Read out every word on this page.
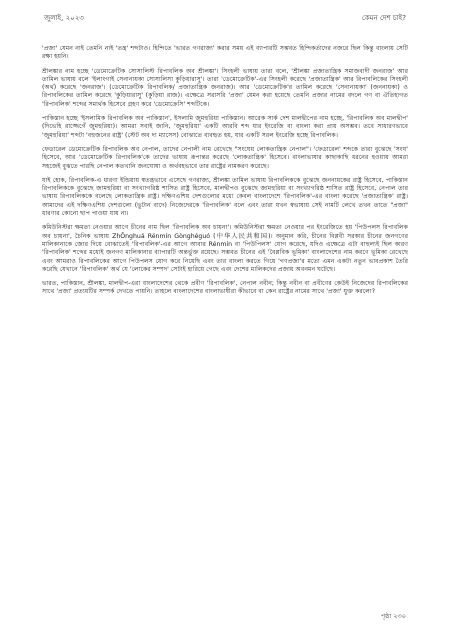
জুলাই, ২০২৩	কেমন দেশ চাই?

'প্রজা' যেমন নাই তেমনি নাই 'তন্ত্র' শব্দটাও। হিন্দিতে 'ভারত গণরাজ্য' করার সময় এই ব্যাপারটি সম্ভবত হিন্দিকর্তাদের নজরে ছিল কিন্তু বাংলায় সেটি রক্ষা হয়নি।

শ্রীলঙ্কার নাম হচ্ছে 'ডেমোক্রেটিক সোসালিস্ট রিপাবলিক অব শ্রীলঙ্কা'। সিংহলী ভাষায় তারা বলে, 'শ্রীলঙ্কা প্রজাতান্ত্রিক সমাজবাদী জনরাজ' আর তামিল ভাষায় বলে 'ইলাংগাই সেনানায়কা সোসালিসা কুড়িয়ারাসু'। তারা 'ডেমোক্রেটিক'-এর সিংহলী করেছে 'প্রজাতান্ত্রিক' আর রিপাবলিকের সিংহলী (অর্থ) করেছে 'জনরাজ'। (ডেমোক্রেটিক রিপাবলিক/ প্রজাতান্ত্রিক জনরাজ)। আর 'ডেমোক্রেটিক'র তামিল করেছে 'সেনানায়কা' (জননায়কা) ও রিপাবলিকের তামিল করেছে 'কুড়িয়ারাসু' (কুড়িয়া রাজ)। এক্ষেত্রে সরাসরি 'প্রজা' যেমন করা হয়েছে তেমনি প্রজার নামের বদলে গণ বা ঐতিহ্যগত 'রিপাবলিক' শব্দের সমার্থক হিসেবে গ্রহণ করে 'ডেমোক্রেসি' শব্দটিকে।

পাকিস্তান হচ্ছে 'ইসলামিক রিপাবলিক অব পাকিস্তান', ইসলামি জুমহুরিয়া পাকিস্তান। আরেক সার্ক দেশ মালদ্বীপের নাম হচ্ছে, 'রিপাবলিক অব মালদ্বীপ' (দিভেহি রাজ্জেগেঁ জুমহুরিয়া)। আমরা সবাই জানি, 'জুমহুরিয়া' একটি আরবি শব্দ যার ইংরেজি বা বাংলা করা প্রায় অসম্ভব। তবে সাধারণভাবে 'জুমহুরিয়া' শব্দটা 'বহুজনের রাষ্ট্র' (স্টেট অব দ্য ম্যাসেস) বোঝাতে ব্যবহৃত হয়, যার একটি সরল ইংরেজি হচ্ছে রিপাবলিক।

ফেডারেল ডেমোক্রেটিক রিপাবলিক অব নেপাল, তাদের নেপালী নাম রেখেছে "সংঘেয় লোকতান্ত্রিক নেপাল"। 'ফেডারেল' শব্দকে তারা বুঝেছে 'সংঘ' হিসেবে, আর 'ডেমোক্রেটিক রিপাবলিক'কে তাদের ভাষায় রূপান্তর করেছে 'লোকতান্ত্রিক' হিসেবে। বাংলাভাষার কাছাকাছি ধরনের হওয়ায় আমরা সহজেই বুঝতে পারছি নেপাল কতখানি জনঘোষা ও অর্থবহভাবে তার রাষ্ট্রের নামকরণ করেছে।

যাই হোক, রিপাবলিক-এ ধারণা ইন্ডিয়ায় স্বতন্ত্রভাবে এসেছে গণরাজ্য, শ্রীলঙ্কা তামিল ভাষায় রিপাবলিককে বুঝেছে জননায়কের রাষ্ট্র হিসেবে, পাকিস্তান রিপাবলিককে বুঝেছে জামহুরিয়া বা সংখ্যাগরিষ্ঠ শাসিত রাষ্ট্র হিসেবে, মালদ্বীপও বুঝেছে জামহুরিয়া বা সংখ্যাগরিষ্ঠ শাসিত রাষ্ট্র হিসেবে, নেপাল তার ভাষায় রিপাবলিককে বলেছে লোকতান্ত্রিক রাষ্ট্র। দক্ষিণএশিয় দেশগুলোর মধ্যে কেবল বাংলাদেশে 'রিপাবলিক'-এর বাংলা করেছে 'প্রজাতান্ত্রিক' রাষ্ট্র। আমাদের এই দক্ষিণএশিয় দেশগুলো (ভুটান বাদে) নিজেদেরকে 'রিপাবলিক' বলে এবং তারা যখন স্বভাষায় সেই নামটি লেখে তখন তাতে "প্রজা" ধারণার কোনো ছাপ পাওয়া যায় না।

কমিউনিস্টরা ক্ষমতা নেওয়ার আগে চীনের নাম ছিল 'রিপাবলিক অব চায়না'। কমিউনিস্টরা ক্ষমতা নেওয়ার পর ইংরেজিতে হয় 'পিউপলস রিপাবলিক অব চায়না', চৈনিক ভাষায় ZhŌnghuá Rénmín Gònghéguó (中华人民共和国)। অনুমান করি, চীনের বিপ্লবী সরকার চীনের জনগণের মালিকানাকে জোর দিয়ে বোঝাতেই 'রিপাবলিক'-এর আগে আবার Rénmín বা 'পিউপিলস' যোগ করেছে, যদিও এক্ষেত্রে এটা বাহুল্যই ছিল কারণ 'রিপাবলিক' শব্দের মধ্যেই জনগণ মালিকানার ব্যাপারটি অন্তর্ভুক্ত রয়েছে। সম্ভবত চীনের এই 'বৈপ্লবিক ভূমিকা' বাংলাদেশের নাম করণে ভূমিকা রেখেছে এবং আমরাও রিপাবলিকের আগে পিউপলস যোগ করে নিয়েছি এবং তার বাংলা করতে গিয়ে 'গণপ্রজা'র মতো এমন একটা নতুন ভাবপ্রকাশ তৈরি করেছি যেখানে 'রিপাবলিক' অর্থ যে 'লোকের সম্পদ' সেটাই হারিয়ে গেছে এবং দেশের মালিকদের প্রজায় অবনমন ঘটেছে।

ভারত, পাকিস্তান, শ্রীলঙ্কা, মালদ্বীপ-এরা বাংলাদেশের থেকে প্রবীণ 'রিপাবলিক', নেপাল নবীন; কিন্তু নবীন বা প্রবীণের কেউই নিজেদের রিপাবলিকের সাথে 'প্রজা' প্রত্যয়টির সম্পর্ক দেখতে পায়নি। তাহলে বাংলাদেশের বাংলাভাষীরা কীভাবে বা কেন রাষ্ট্রের নামের সাথে 'প্রজা' যুক্ত করলো?

পৃষ্ঠা ২৩০
